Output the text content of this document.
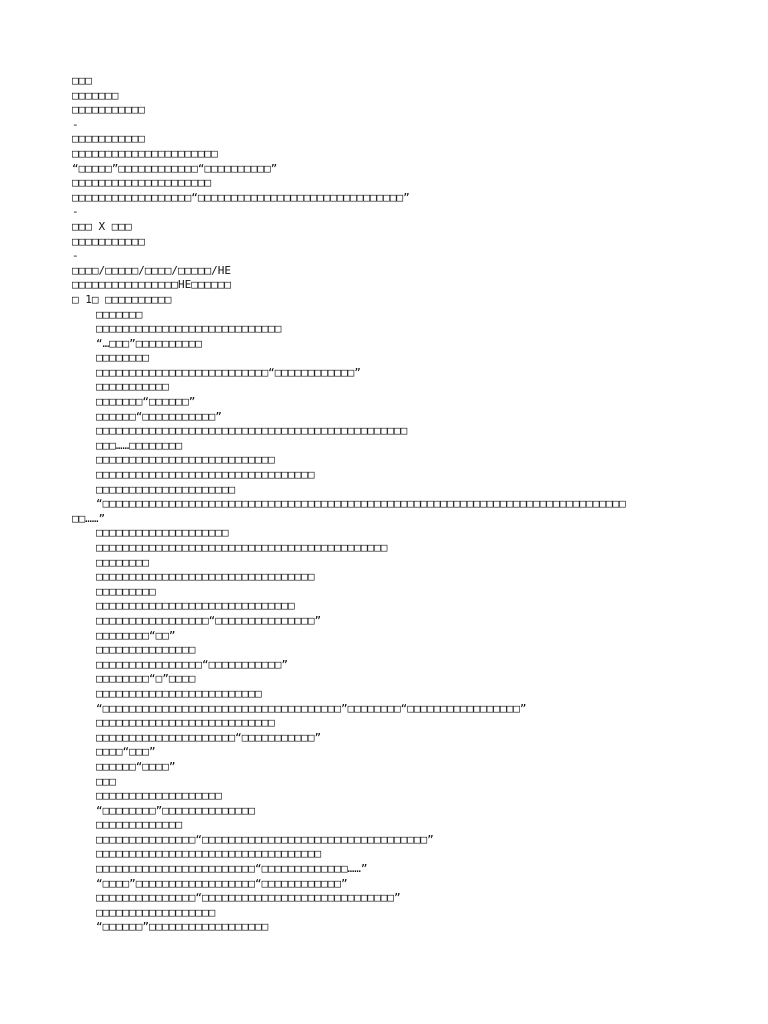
□□□

□□□□□□□

□□□□□□□□□□□

-

□□□□□□□□□□□

□□□□□□□□□□□□□□□□□□□□□□

“□□□□□”□□□□□□□□□□□□“□□□□□□□□□□”

□□□□□□□□□□□□□□□□□□□□□

□□□□□□□□□□□□□□□□□□“□□□□□□□□□□□□□□□□□□□□□□□□□□□□□□□”

-

□□□ X □□□

□□□□□□□□□□□

-

□□□□/□□□□□/□□□□/□□□□□/HE

□□□□□□□□□□□□□□□□HE□□□□□□

□ 1□ □□□□□□□□□□

□□□□□□□

□□□□□□□□□□□□□□□□□□□□□□□□□□□□

“…□□□”□□□□□□□□□□

□□□□□□□□

□□□□□□□□□□□□□□□□□□□□□□□□□□“□□□□□□□□□□□□”

□□□□□□□□□□□

□□□□□□□“□□□□□□”

□□□□□□“□□□□□□□□□□□”

□□□□□□□□□□□□□□□□□□□□□□□□□□□□□□□□□□□□□□□□□□□□□□□

□□□……□□□□□□□□

□□□□□□□□□□□□□□□□□□□□□□□□□□□

□□□□□□□□□□□□□□□□□□□□□□□□□□□□□□□□□

□□□□□□□□□□□□□□□□□□□□□

“□□□□□□□□□□□□□□□□□□□□□□□□□□□□□□□□□□□□□□□□□□□□□□□□□□□□□□□□□□□□□□□□□□□□□□□□□□□□□□□

□□……”

□□□□□□□□□□□□□□□□□□□□

□□□□□□□□□□□□□□□□□□□□□□□□□□□□□□□□□□□□□□□□□□□□

□□□□□□□□

□□□□□□□□□□□□□□□□□□□□□□□□□□□□□□□□□

□□□□□□□□□

□□□□□□□□□□□□□□□□□□□□□□□□□□□□□□

□□□□□□□□□□□□□□□□□“□□□□□□□□□□□□□□□”

□□□□□□□□“□□”

□□□□□□□□□□□□□□□

□□□□□□□□□□□□□□□□“□□□□□□□□□□□”

□□□□□□□□“□”□□□□

□□□□□□□□□□□□□□□□□□□□□□□□□

“□□□□□□□□□□□□□□□□□□□□□□□□□□□□□□□□□□□□”□□□□□□□□“□□□□□□□□□□□□□□□□□”

□□□□□□□□□□□□□□□□□□□□□□□□□□□

□□□□□□□□□□□□□□□□□□□□□“□□□□□□□□□□□”

□□□□“□□□”

□□□□□□“□□□□”

□□□

□□□□□□□□□□□□□□□□□□□

“□□□□□□□□”□□□□□□□□□□□□□□

□□□□□□□□□□□□□

□□□□□□□□□□□□□□□“□□□□□□□□□□□□□□□□□□□□□□□□□□□□□□□□□□”

□□□□□□□□□□□□□□□□□□□□□□□□□□□□□□□□□□

□□□□□□□□□□□□□□□□□□□□□□□□“□□□□□□□□□□□□□……”

“□□□□”□□□□□□□□□□□□□□□□□□“□□□□□□□□□□□□”

□□□□□□□□□□□□□□□“□□□□□□□□□□□□□□□□□□□□□□□□□□□□□”

□□□□□□□□□□□□□□□□□□

“□□□□□□”□□□□□□□□□□□□□□□□□□
